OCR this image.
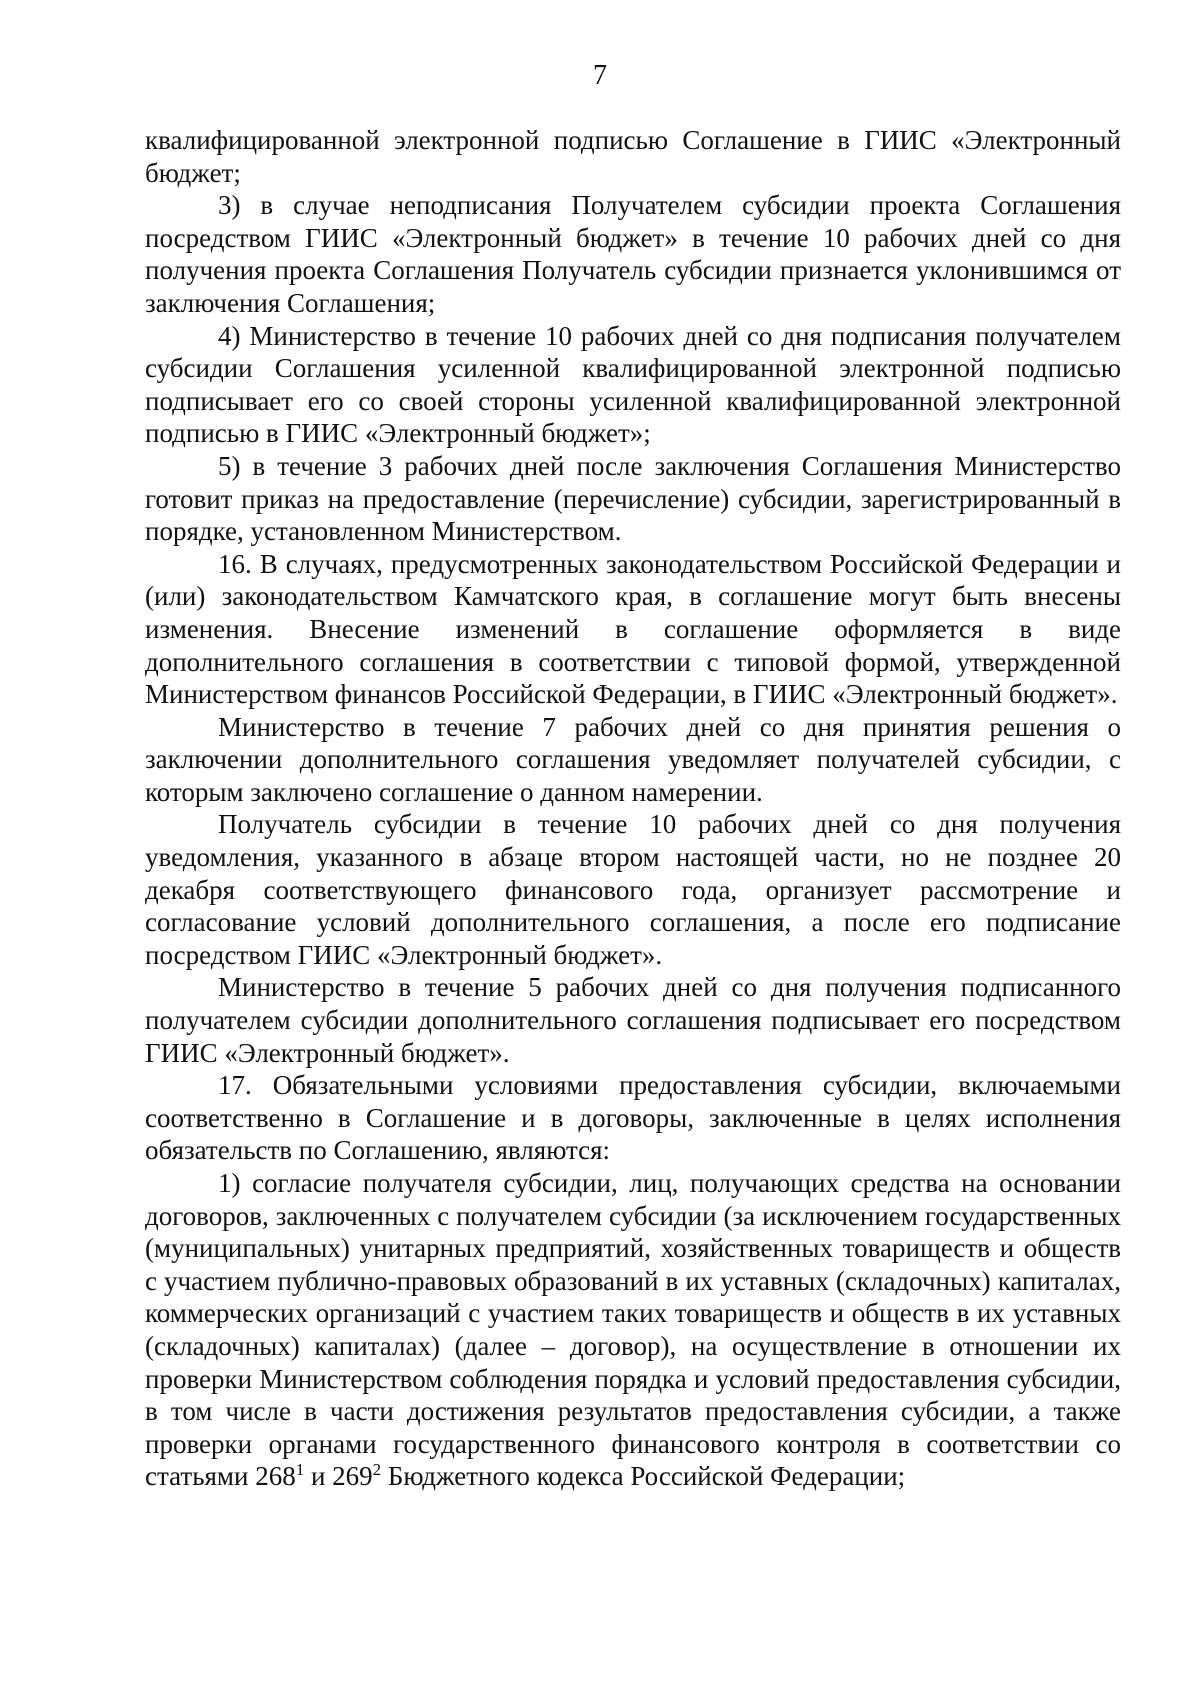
7

квалифицированной электронной подписью Соглашение в ГИИС «Электронный бюджет;

3) в случае неподписания Получателем субсидии проекта Соглашения посредством ГИИС «Электронный бюджет» в течение 10 рабочих дней со дня получения проекта Соглашения Получатель субсидии признается уклонившимся от заключения Соглашения;

4) Министерство в течение 10 рабочих дней со дня подписания получателем субсидии Соглашения усиленной квалифицированной электронной подписью подписывает его со своей стороны усиленной квалифицированной электронной подписью в ГИИС «Электронный бюджет»;

5) в течение 3 рабочих дней после заключения Соглашения Министерство готовит приказ на предоставление (перечисление) субсидии, зарегистрированный в порядке, установленном Министерством.

16. В случаях, предусмотренных законодательством Российской Федерации и (или) законодательством Камчатского края, в соглашение могут быть внесены изменения. Внесение изменений в соглашение оформляется в виде дополнительного соглашения в соответствии с типовой формой, утвержденной Министерством финансов Российской Федерации, в ГИИС «Электронный бюджет».

Министерство в течение 7 рабочих дней со дня принятия решения о заключении дополнительного соглашения уведомляет получателей субсидии, с которым заключено соглашение о данном намерении.

Получатель субсидии в течение 10 рабочих дней со дня получения уведомления, указанного в абзаце втором настоящей части, но не позднее 20 декабря соответствующего финансового года, организует рассмотрение и согласование условий дополнительного соглашения, а после его подписание посредством ГИИС «Электронный бюджет».

Министерство в течение 5 рабочих дней со дня получения подписанного получателем субсидии дополнительного соглашения подписывает его посредством ГИИС «Электронный бюджет».

17. Обязательными условиями предоставления субсидии, включаемыми соответственно в Соглашение и в договоры, заключенные в целях исполнения обязательств по Соглашению, являются:

1) согласие получателя субсидии, лиц, получающих средства на основании договоров, заключенных с получателем субсидии (за исключением государственных (муниципальных) унитарных предприятий, хозяйственных товариществ и обществ с участием публично-правовых образований в их уставных (складочных) капиталах, коммерческих организаций с участием таких товариществ и обществ в их уставных (складочных) капиталах) (далее – договор), на осуществление в отношении их проверки Министерством соблюдения порядка и условий предоставления субсидии, в том числе в части достижения результатов предоставления субсидии, а также проверки органами государственного финансового контроля в соответствии со статьями $268^1$ и $269^2$ Бюджетного кодекса Российской Федерации;
